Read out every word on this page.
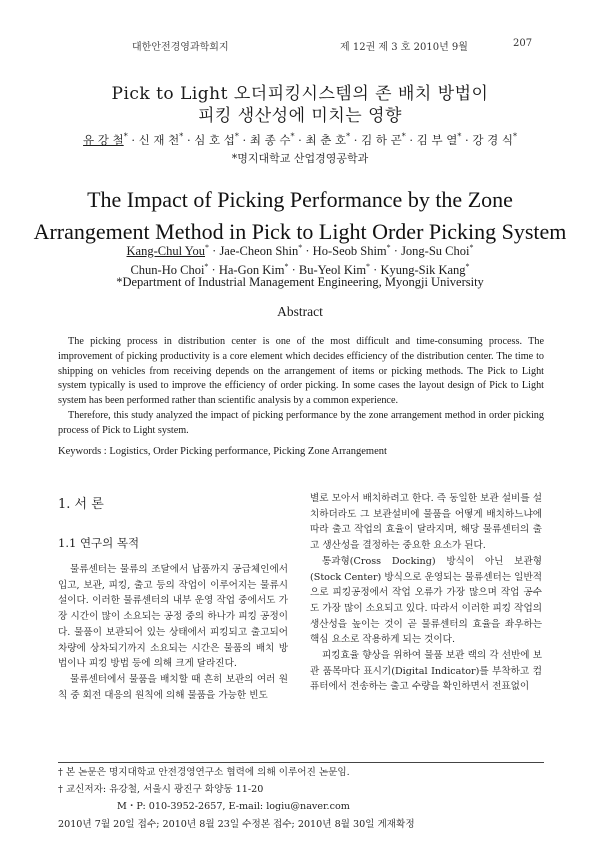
대한안전경영과학회지	제 12권 제 3 호 2010년 9월	207
Pick to Light 오더피킹시스템의 존 배치 방법이
피킹 생산성에 미치는 영향
유 강 철* · 신 재 천* · 심 호 섭* · 최 종 수* · 최 춘 호* · 김 하 곤* · 김 부 열* · 강 경 식*
*명지대학교 산업경영공학과
The Impact of Picking Performance by the Zone
Arrangement Method in Pick to Light Order Picking System
Kang-Chul You* · Jae-Cheon Shin* · Ho-Seob Shim* · Jong-Su Choi*
Chun-Ho Choi* · Ha-Gon Kim* · Bu-Yeol Kim* · Kyung-Sik Kang*
*Department of Industrial Management Engineering, Myongji University
Abstract

The picking process in distribution center is one of the most difficult and time-consuming process. The improvement of picking productivity is a core element which decides efficiency of the distribution center. The time to shipping on vehicles from receiving depends on the arrangement of items or picking methods. The Pick to Light system typically is used to improve the efficiency of order picking. In some cases the layout design of Pick to Light system has been performed rather than scientific analysis by a common experience.

Therefore, this study analyzed the impact of picking performance by the zone arrangement method in order picking process of Pick to Light system.

Keywords : Logistics, Order Picking performance, Picking Zone Arrangement
1. 서 론
1.1 연구의 목적

물류센터는 물류의 조달에서 납품까지 공급체인에서 입고, 보관, 피킹, 출고 등의 작업이 이루어지는 물류시설이다. 이러한 물류센터의 내부 운영 작업 중에서도 가장 시간이 많이 소요되는 공정 중의 하나가 피킹 공정이다. 물품이 보관되어 있는 상태에서 피킹되고 출고되어 차량에 상차되기까지 소요되는 시간은 물품의 배치 방법이나 피킹 방법 등에 의해 크게 달라진다.

물류센터에서 물품을 배치할 때 흔히 보관의 여러 원칙 중 회전 대응의 원칙에 의해 물품을 가능한 빈도

별로 모아서 배치하려고 한다. 즉 동일한 보관 설비를 설치하더라도 그 보관설비에 물품을 어떻게 배치하느냐에 따라 출고 작업의 효율이 달라지며, 해당 물류센터의 출고 생산성을 결정하는 중요한 요소가 된다.

통과형(Cross Docking) 방식이 아닌 보관형(Stock Center) 방식으로 운영되는 물류센터는 일반적으로 피킹공정에서 작업 오류가 가장 많으며 작업 공수도 가장 많이 소요되고 있다. 따라서 이러한 피킹 작업의 생산성을 높이는 것이 곧 물류센터의 효율을 좌우하는 핵심 요소로 작용하게 되는 것이다.

피킹효율 향상을 위하여 물품 보관 랙의 각 선반에 보관 품목마다 표시기(Digital Indicator)를 부착하고 컴퓨터에서 전송하는 출고 수량을 확인하면서 전표없이

† 본 논문은 명지대학교 안전경영연구소 협력에 의해 이루어진 논문임.
† 교신저자: 유강철, 서울시 광진구 화양동 11-20
M・P: 010-3952-2657, E-mail: logiu@naver.com
2010년 7월 20일 접수; 2010년 8월 23일 수정본 접수; 2010년 8월 30일 게재확정
